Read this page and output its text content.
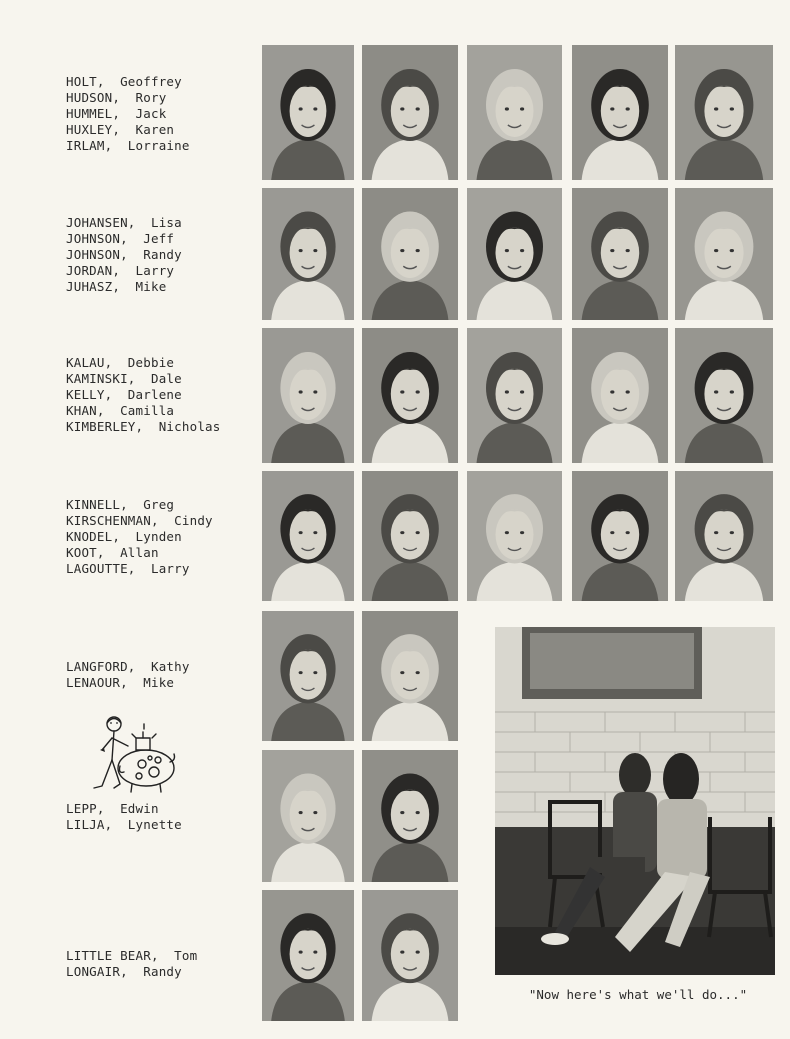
HOLT,  Geoffrey
HUDSON,  Rory
HUMMEL,  Jack
HUXLEY,  Karen
IRLAM,  Lorraine
JOHANSEN,  Lisa
JOHNSON,  Jeff
JOHNSON,  Randy
JORDAN,  Larry
JUHASZ,  Mike
KALAU,  Debbie
KAMINSKI,  Dale
KELLY,  Darlene
KHAN,  Camilla
KIMBERLEY,  Nicholas
KINNELL,  Greg
KIRSCHENMAN,  Cindy
KNODEL,  Lynden
KOOT,  Allan
LAGOUTTE,  Larry
LANGFORD,  Kathy
LENAOUR,  Mike
LEPP,  Edwin
LILJA,  Lynette
LITTLE BEAR,  Tom
LONGAIR,  Randy
"Now here's what we'll do..."
